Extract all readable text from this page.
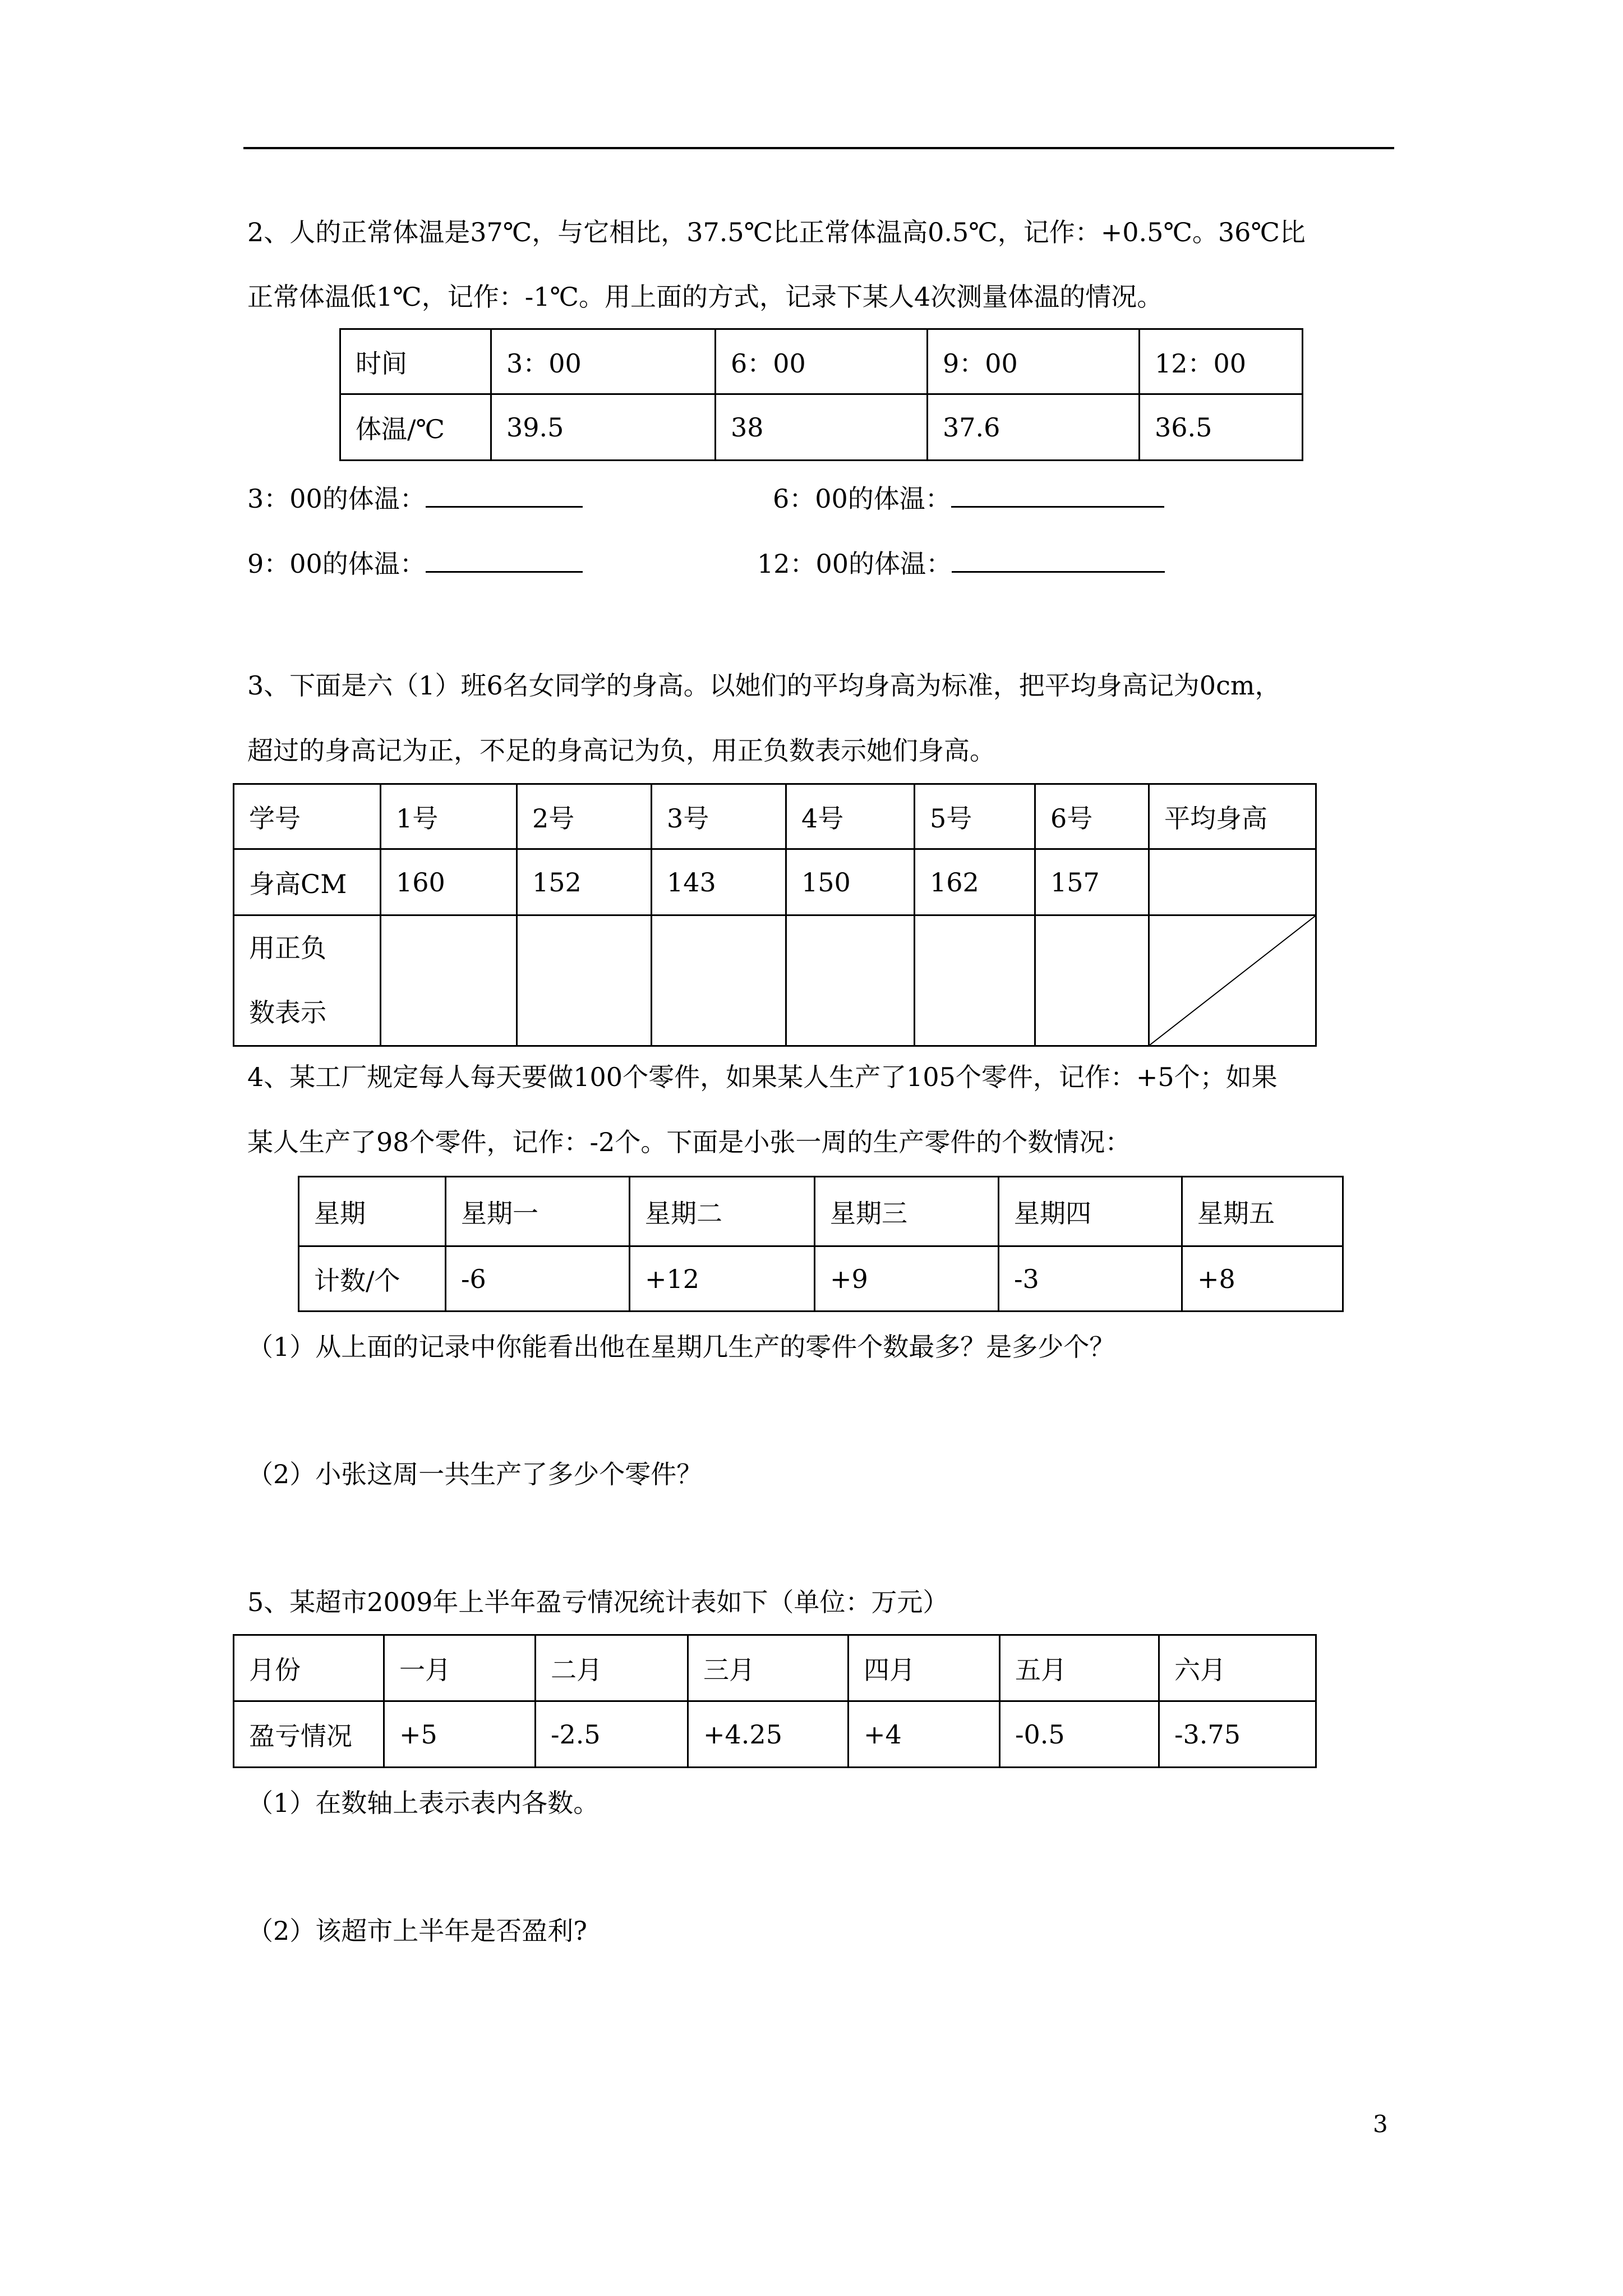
2、人的正常体温是37℃，与它相比，37.5℃比正常体温高0.5℃，记作：+0.5℃。36℃比
正常体温低1℃，记作：-1℃。用上面的方式，记录下某人4次测量体温的情况。
时间	3：00	6：00	9：00	12：00
体温/℃	39.5	38	37.6	36.5
3：00的体温：	6：00的体温：
9：00的体温：	12：00的体温：
3、下面是六（1）班6名女同学的身高。以她们的平均身高为标准，把平均身高记为0cm，
超过的身高记为正，不足的身高记为负，用正负数表示她们身高。
学号	1号	2号	3号	4号	5号	6号	平均身高
身高CM	160	152	143	150	162	157	

用正负
数表示

4、某工厂规定每人每天要做100个零件，如果某人生产了105个零件，记作：+5个；如果
某人生产了98个零件，记作：-2个。下面是小张一周的生产零件的个数情况：
星期	星期一	星期二	星期三	星期四	星期五
计数/个	-6	+12	+9	-3	+8
（1）从上面的记录中你能看出他在星期几生产的零件个数最多？是多少个？
（2）小张这周一共生产了多少个零件？
5、某超市2009年上半年盈亏情况统计表如下（单位：万元）
月份	一月	二月	三月	四月	五月	六月
盈亏情况	+5	-2.5	+4.25	+4	-0.5	-3.75
（1）在数轴上表示表内各数。
（2）该超市上半年是否盈利?
3
